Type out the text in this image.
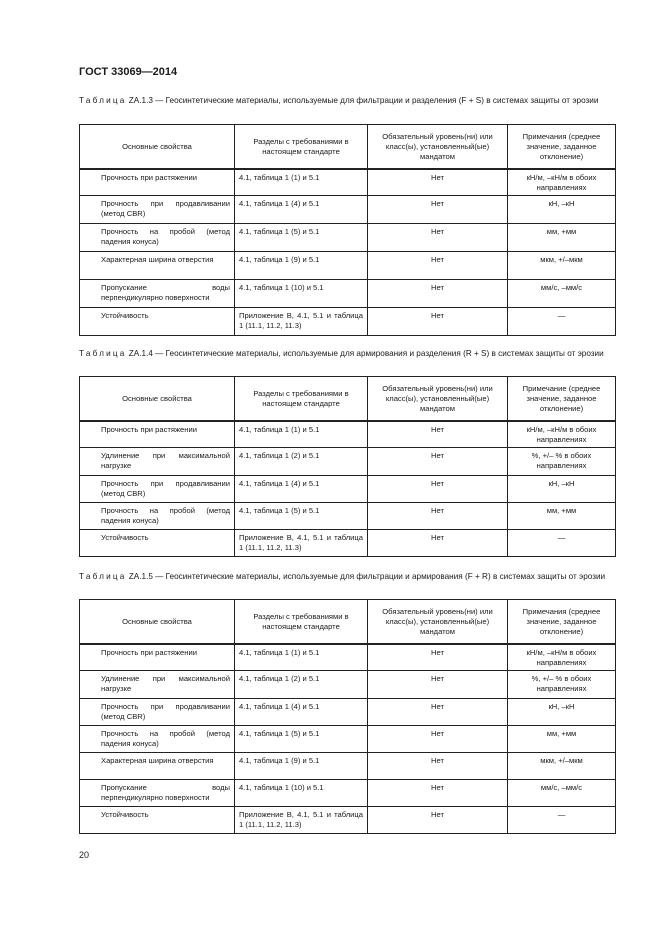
ГОСТ 33069—2014
Таблица ZA.1.3 — Геосинтетические материалы, используемые для фильтрации и разделения (F + S) в системах защиты от эрозии
Основные свойства	Разделы с требованиями в настоящем стандарте	Обязательный уровень(ни) или класс(ы), установленный(ые) мандатом	Примечания (среднее значение, заданное отклонение)
Прочность при растяжении	4.1, таблица 1 (1) и 5.1	Нет	кН/м, –кН/м в обоих направлениях
Прочность при продавливании (метод CBR)	4.1, таблица 1 (4) и 5.1	Нет	кН, –кН
Прочность на пробой (метод падения конуса)	4.1, таблица 1 (5) и 5.1	Нет	мм, +мм
Характерная ширина отверстия	4.1, таблица 1 (9) и 5.1	Нет	мкм, +/–мкм
Пропускание воды перпендикулярно поверхности	4.1, таблица 1 (10) и 5.1	Нет	мм/с, –мм/с
Устойчивость	Приложение В, 4.1, 5.1 и таблица 1 (11.1, 11.2, 11.3)	Нет	—
Таблица ZA.1.4 — Геосинтетические материалы, используемые для армирования и разделения (R + S) в системах защиты от эрозии
Основные свойства	Разделы с требованиями в настоящем стандарте	Обязательный уровень(ни) или класс(ы), установленный(ые) мандатом	Примечание (среднее значение, заданное отклонение)
Прочность при растяжении	4.1, таблица 1 (1) и 5.1	Нет	кН/м, –кН/м в обоих направлениях
Удлинение при максимальной нагрузке	4.1, таблица 1 (2) и 5.1	Нет	%, +/– % в обоих направлениях
Прочность при продавливании (метод CBR)	4.1, таблица 1 (4) и 5.1	Нет	кН, –кН
Прочность на пробой (метод падения конуса)	4.1, таблица 1 (5) и 5.1	Нет	мм, +мм
Устойчивость	Приложение В, 4.1, 5.1 и таблица 1 (11.1, 11.2, 11.3)	Нет	—
Таблица ZA.1.5 — Геосинтетические материалы, используемые для фильтрации и армирования (F + R) в системах защиты от эрозии
Основные свойства	Разделы с требованиями в настоящем стандарте	Обязательный уровень(ни) или класс(ы), установленный(ые) мандатом	Примечания (среднее значение, заданное отклонение)
Прочность при растяжении	4.1, таблица 1 (1) и 5.1	Нет	кН/м, –кН/м в обоих направлениях
Удлинение при максимальной нагрузке	4.1, таблица 1 (2) и 5.1	Нет	%, +/– % в обоих направлениях
Прочность при продавливании (метод CBR)	4.1, таблица 1 (4) и 5.1	Нет	кН, –кН
Прочность на пробой (метод падения конуса)	4.1, таблица 1 (5) и 5.1	Нет	мм, +мм
Характерная ширина отверстия	4.1, таблица 1 (9) и 5.1	Нет	мкм, +/–мкм
Пропускание воды перпендикулярно поверхности	4.1, таблица 1 (10) и 5.1	Нет	мм/с, –мм/с
Устойчивость	Приложение В, 4.1, 5.1 и таблица 1 (11.1, 11.2, 11.3)	Нет	—
20
